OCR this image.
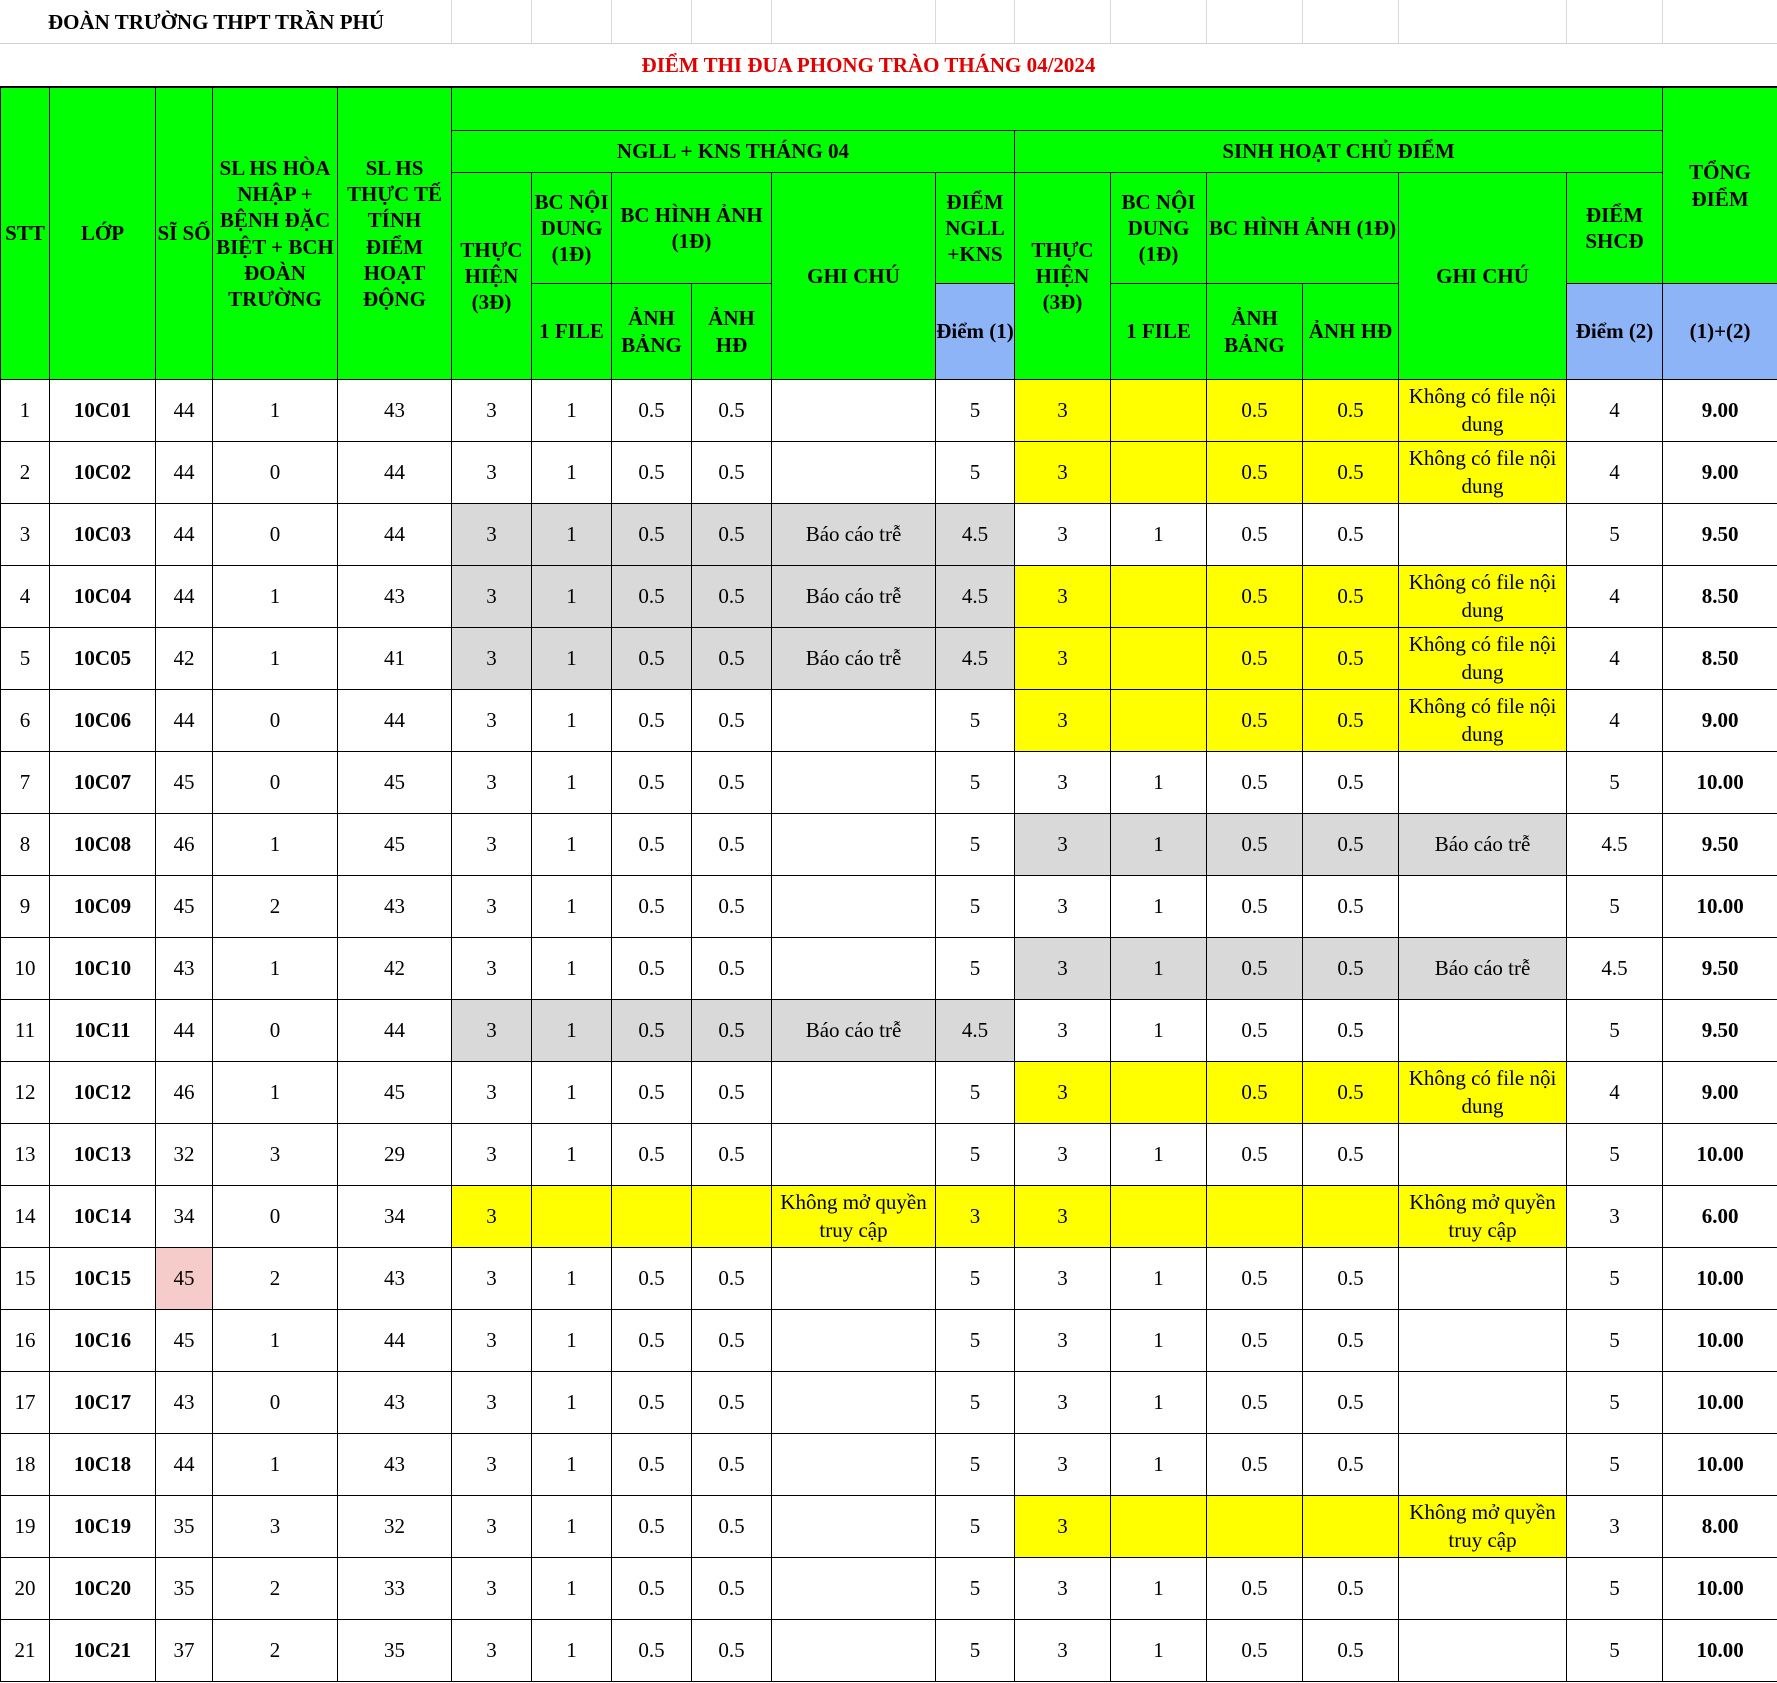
ĐOÀN TRƯỜNG THPT TRẦN PHÚ
ĐIỂM THI ĐUA PHONG TRÀO THÁNG 04/2024
STT	LỚP	SĨ SỐ	SL HS HÒA NHẬP + BỆNH ĐẶC BIỆT + BCH ĐOÀN TRƯỜNG	SL HS THỰC TẾ TÍNH ĐIỂM HOẠT ĐỘNG													TỔNG ĐIỂM
					NGLL + KNS THÁNG 04						SINH HOẠT CHỦ ĐIỂM						
					THỰC HIỆN (3Đ)	BC NỘI DUNG (1Đ)	BC HÌNH ẢNH (1Đ)		GHI CHÚ	ĐIỂM NGLL +KNS	THỰC HIỆN (3Đ)	BC NỘI DUNG (1Đ)	BC HÌNH ẢNH (1Đ)		GHI CHÚ	ĐIỂM SHCĐ	

						1 FILE	ẢNH BẢNG	ẢNH HĐ		Điểm (1)		1 FILE	ẢNH BẢNG	ẢNH HĐ		Điểm (2)	(1)+(2)
1	10C01	44	1	43	3	1	0.5	0.5		5	3		0.5	0.5	Không có file nội dung	4	9.00
2	10C02	44	0	44	3	1	0.5	0.5		5	3		0.5	0.5	Không có file nội dung	4	9.00
3	10C03	44	0	44	3	1	0.5	0.5	Báo cáo trễ	4.5	3	1	0.5	0.5		5	9.50
4	10C04	44	1	43	3	1	0.5	0.5	Báo cáo trễ	4.5	3		0.5	0.5	Không có file nội dung	4	8.50
5	10C05	42	1	41	3	1	0.5	0.5	Báo cáo trễ	4.5	3		0.5	0.5	Không có file nội dung	4	8.50
6	10C06	44	0	44	3	1	0.5	0.5		5	3		0.5	0.5	Không có file nội dung	4	9.00
7	10C07	45	0	45	3	1	0.5	0.5		5	3	1	0.5	0.5		5	10.00
8	10C08	46	1	45	3	1	0.5	0.5		5	3	1	0.5	0.5	Báo cáo trễ	4.5	9.50
9	10C09	45	2	43	3	1	0.5	0.5		5	3	1	0.5	0.5		5	10.00
10	10C10	43	1	42	3	1	0.5	0.5		5	3	1	0.5	0.5	Báo cáo trễ	4.5	9.50
11	10C11	44	0	44	3	1	0.5	0.5	Báo cáo trễ	4.5	3	1	0.5	0.5		5	9.50
12	10C12	46	1	45	3	1	0.5	0.5		5	3		0.5	0.5	Không có file nội dung	4	9.00
13	10C13	32	3	29	3	1	0.5	0.5		5	3	1	0.5	0.5		5	10.00
14	10C14	34	0	34	3				Không mở quyền truy cập	3	3				Không mở quyền truy cập	3	6.00
15	10C15	45	2	43	3	1	0.5	0.5		5	3	1	0.5	0.5		5	10.00
16	10C16	45	1	44	3	1	0.5	0.5		5	3	1	0.5	0.5		5	10.00
17	10C17	43	0	43	3	1	0.5	0.5		5	3	1	0.5	0.5		5	10.00
18	10C18	44	1	43	3	1	0.5	0.5		5	3	1	0.5	0.5		5	10.00
19	10C19	35	3	32	3	1	0.5	0.5		5	3				Không mở quyền truy cập	3	8.00
20	10C20	35	2	33	3	1	0.5	0.5		5	3	1	0.5	0.5		5	10.00
21	10C21	37	2	35	3	1	0.5	0.5		5	3	1	0.5	0.5		5	10.00
